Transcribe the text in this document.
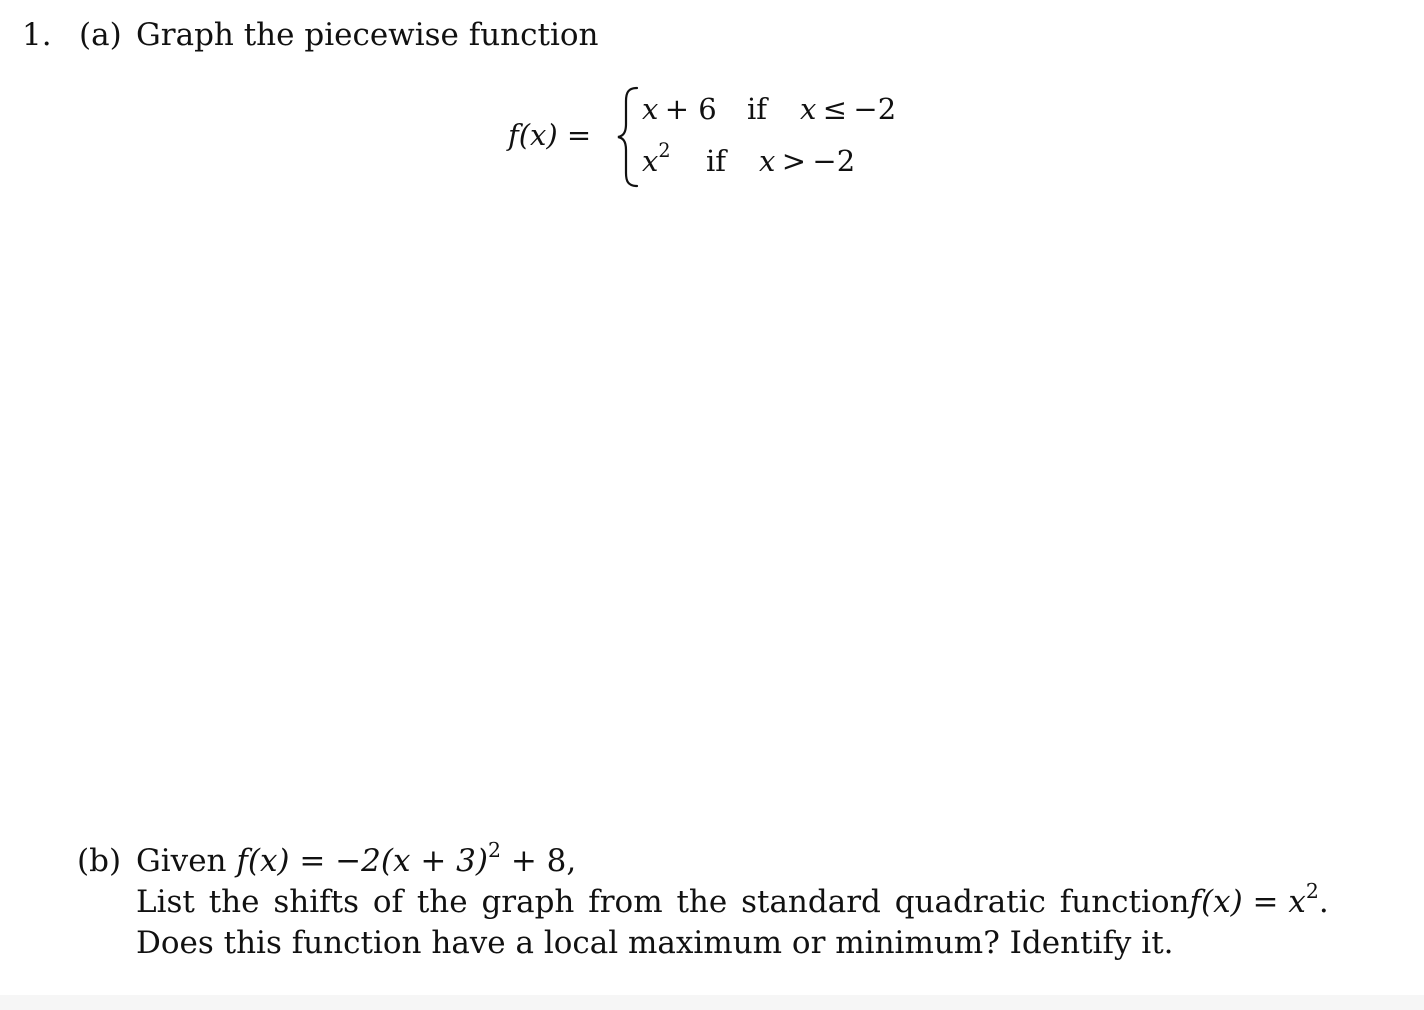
1. (a) Graph the piecewise function
f(x) =
x + 6 if x ≤ −2
$x^2$ if x > −2
(b) Given $f(x) = -2(x + 3)^2 + 8$,
List the shifts of the graph from the standard quadratic function $f(x) = x^2$.
Does this function have a local maximum or minimum? Identify it.
